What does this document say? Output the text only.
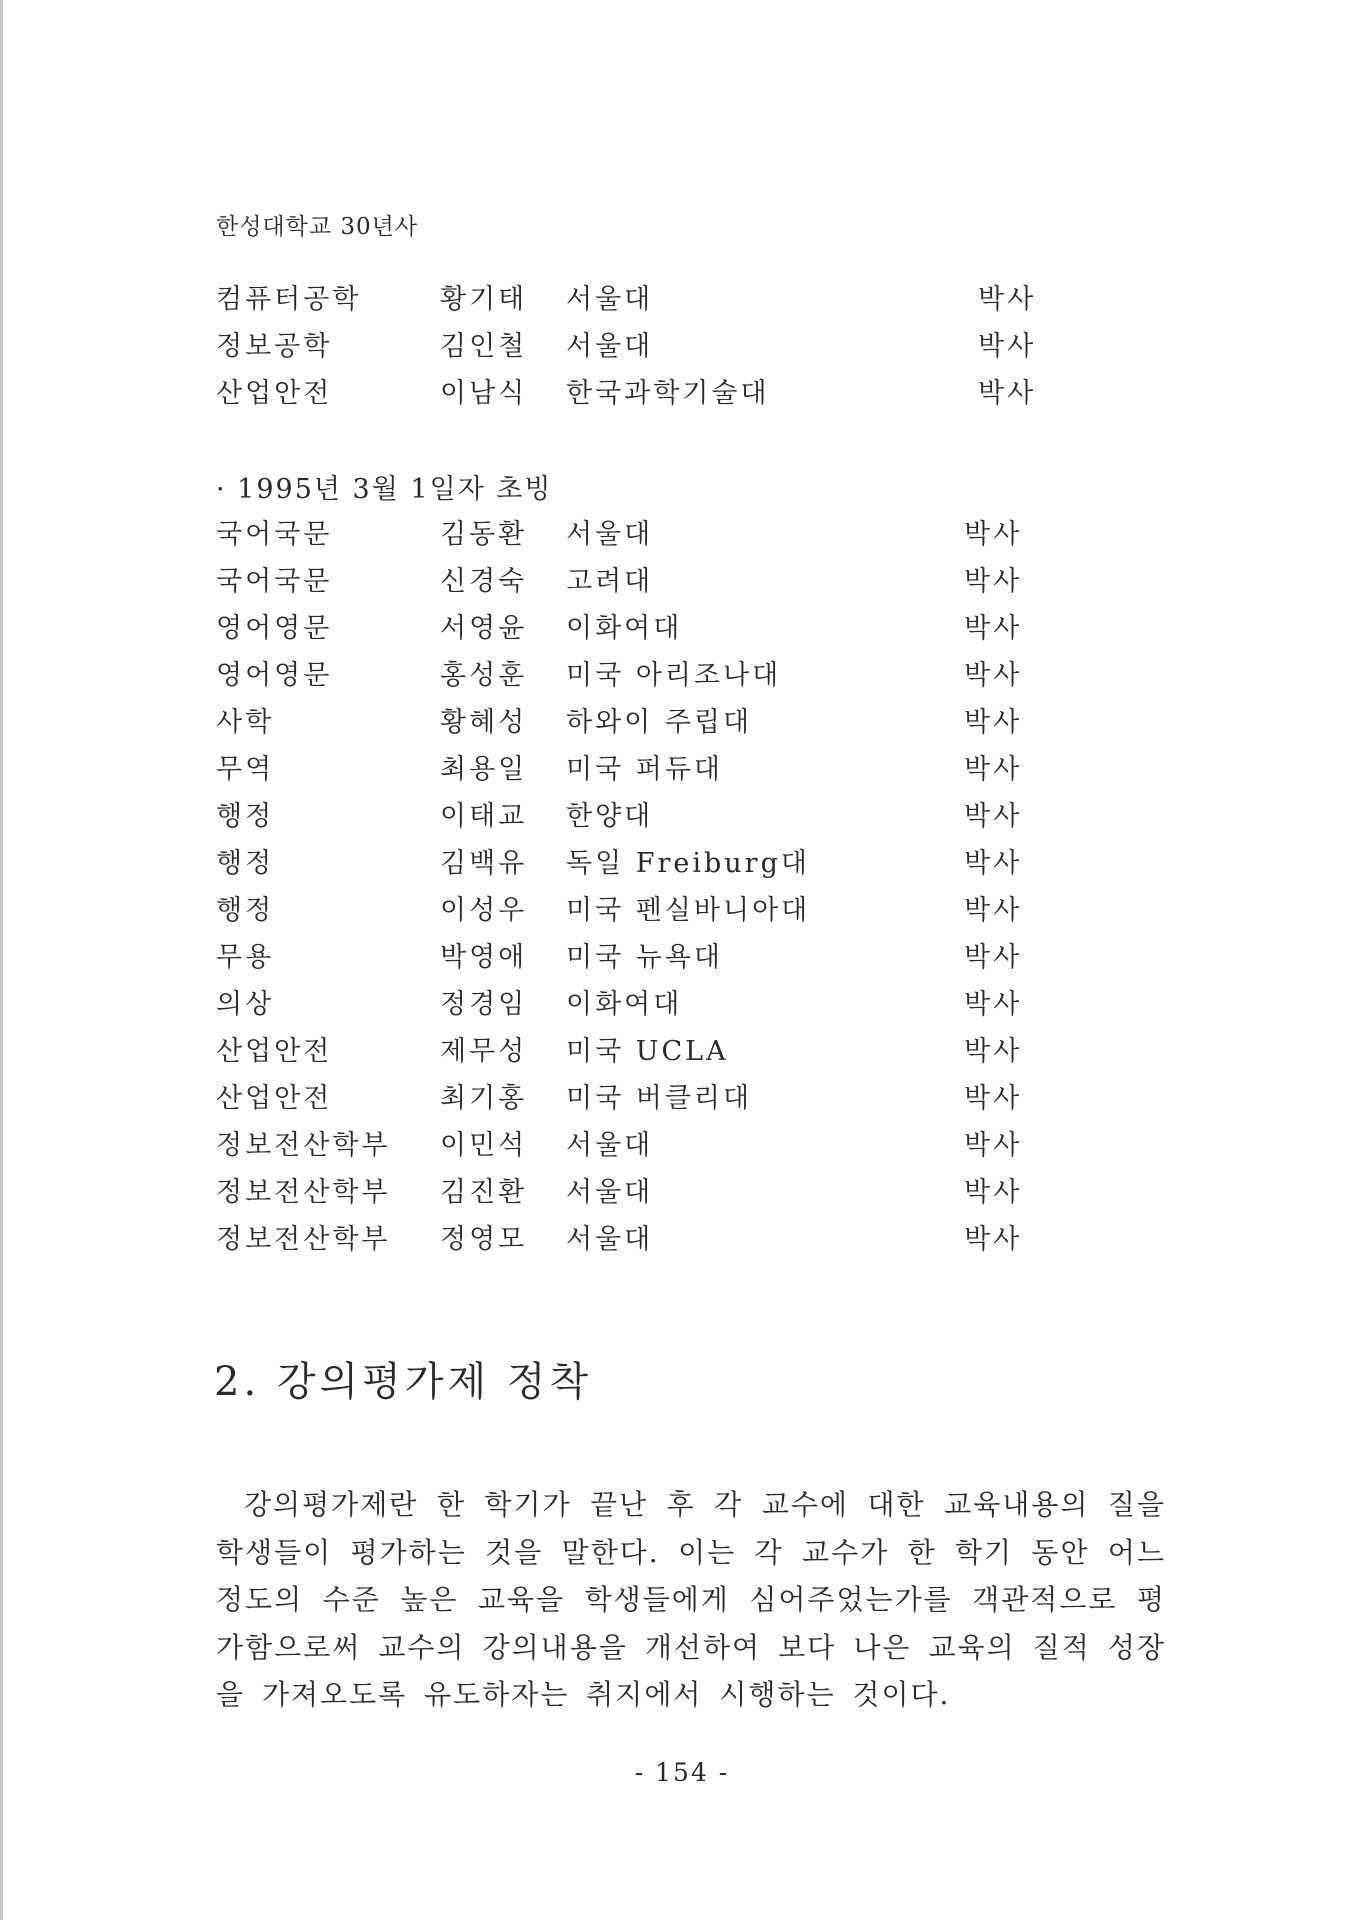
한성대학교 30년사
컴퓨터공학	황기태 서울대	박사
정보공학	김인철 서울대	박사
산업안전	이남식 한국과학기술대	박사
· 1995년 3월 1일자 초빙
국어국문	김동환 서울대	박사
국어국문	신경숙 고려대	박사
영어영문	서영윤 이화여대	박사
영어영문	홍성훈 미국 아리조나대	박사
사학	황혜성 하와이 주립대	박사
무역	최용일 미국 퍼듀대	박사
행정	이태교 한양대	박사
행정	김백유 독일 Freiburg대	박사
행정	이성우 미국 펜실바니아대	박사
무용	박영애 미국 뉴욕대	박사
의상	정경임 이화여대	박사
산업안전	제무성 미국 UCLA	박사
산업안전	최기홍 미국 버클리대	박사
정보전산학부 이민석 서울대	박사
정보전산학부 김진환 서울대	박사
정보전산학부 정영모 서울대	박사
2. 강의평가제 정착

강의평가제란 한 학기가 끝난 후 각 교수에 대한 교육내용의 질을 학생들이 평가하는 것을 말한다. 이는 각 교수가 한 학기 동안 어느 정도의 수준 높은 교육을 학생들에게 심어주었는가를 객관적으로 평가함으로써 교수의 강의내용을 개선하여 보다 나은 교육의 질적 성장을 가져오도록 유도하자는 취지에서 시행하는 것이다.

- 154 -
